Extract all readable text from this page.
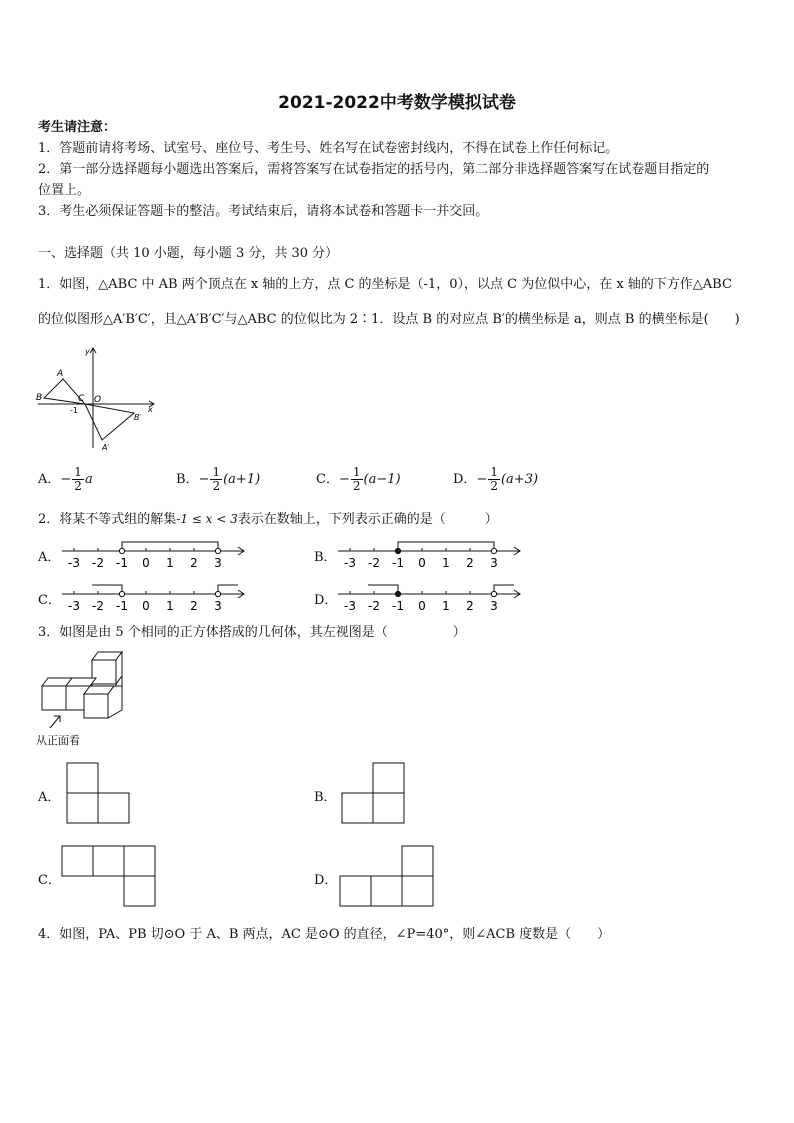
2021-2022中考数学模拟试卷
考生请注意：
1．答题前请将考场、试室号、座位号、考生号、姓名写在试卷密封线内，不得在试卷上作任何标记。
2．第一部分选择题每小题选出答案后，需将答案写在试卷指定的括号内，第二部分非选择题答案写在试卷题目指定的
位置上。
3．考生必须保证答题卡的整洁。考试结束后，请将本试卷和答题卡一并交回。
一、选择题（共 10 小题，每小题 3 分，共 30 分）
1．如图，△ABC 中 AB 两个顶点在 x 轴的上方，点 C 的坐标是（-1，0），以点 C 为位似中心，在 x 轴的下方作△ABC
的位似图形△A′B′C′，且△A′B′C′与△ABC 的位似比为 2∶1．设点 B 的对应点 B′的横坐标是 a，则点 B 的横坐标是(　　)
A
B	C O
-1	x
y
A′
B′
A．− $\frac{1}{2}$ a	B．− $\frac{1}{2} (a+1)$	C．− $\frac{1}{2} (a-1)$	D．− $\frac{1}{2} (a+3)$
2．将某不等式组的解集-1 ≤ x < 3表示在数轴上，下列表示正确的是（　　　）
A．	B．
C．	D．
-3 -2 -1 0 1 2 3	-3 -2 -1 0 1 2 3
-3 -2 -1 0 1 2 3	-3 -2 -1 0 1 2 3
3．如图是由 5 个相同的正方体搭成的几何体，其左视图是（　　　　　）
从正面看
A．	B．
C．	D．
4．如图，PA、PB 切⊙O 于 A、B 两点，AC 是⊙O 的直径，∠P=40°，则∠ACB 度数是（　　）
